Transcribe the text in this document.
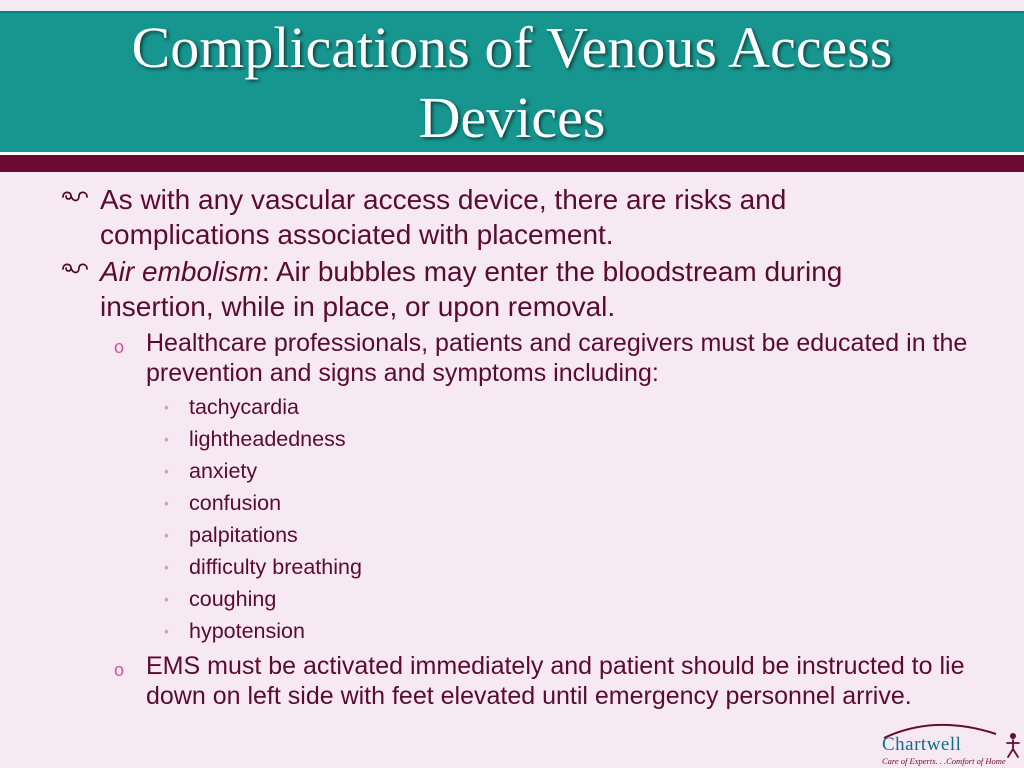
Complications of Venous Access
Devices
As with any vascular access device, there are risks and complications associated with placement.
Air embolism: Air bubbles may enter the bloodstream during insertion, while in place, or upon removal.
o Healthcare professionals, patients and caregivers must be educated in the prevention and signs and symptoms including:
• tachycardia
• lightheadedness
• anxiety
• confusion
• palpitations
• difficulty breathing
• coughing
• hypotension
o EMS must be activated immediately and patient should be instructed to lie down on left side with feet elevated until emergency personnel arrive.
Chartwell
Care of Experts. . .Comfort of Home
